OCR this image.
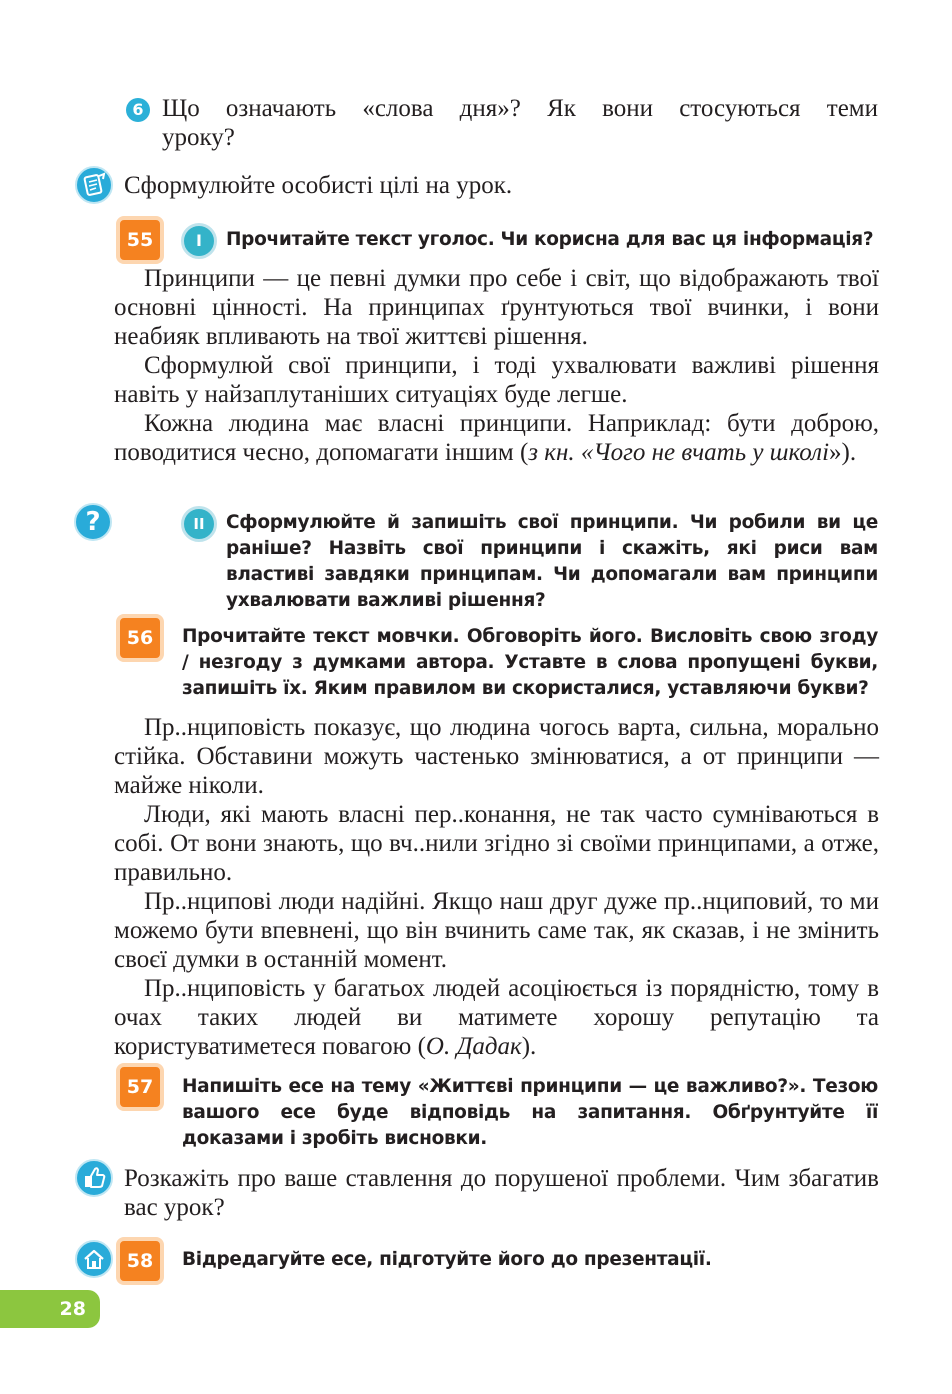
6 Що означають «слова дня»? Як вони стосуються теми
уроку?
Сформулюйте особисті цілі на урок.
55	I	Прочитайте текст уголос. Чи корисна для вас ця інформація?

Принципи — це певні думки про себе і світ, що відображають твої основні цінності. На принципах ґрунтуються твої вчинки, і вони неабияк впливають на твої життєві рішення.

Сформулюй свої принципи, і тоді ухвалювати важливі рішення навіть у найзаплутаніших ситуаціях буде легше.

Кожна людина має власні принципи. Наприклад: бути доброю, поводитися чесно, допомагати іншим (з кн. «Чого не вчать у школі»).

?	II	Сформулюйте й запишіть свої принципи. Чи робили ви це раніше? Назвіть свої принципи і скажіть, які риси вам властиві завдяки принципам. Чи допомагали вам принципи ухвалювати важливі рішення?
56	Прочитайте текст мовчки. Обговоріть його. Висловіть свою згоду / незгоду з думками автора. Уставте в слова пропущені букви, запишіть їх. Яким правилом ви скористалися, уставляючи букви?

Пр..нциповість показує, що людина чогось варта, сильна, морально стійка. Обставини можуть частенько змінюватися, а от принципи — майже ніколи.

Люди, які мають власні пер..конання, не так часто сумніваються в собі. От вони знають, що вч..нили згідно зі своїми принципами, а отже, правильно.

Пр..нципові люди надійні. Якщо наш друг дуже пр..нциповий, то ми можемо бути впевнені, що він вчинить саме так, як сказав, і не змінить своєї думки в останній момент.

Пр..нциповість у багатьох людей асоціюється із порядністю, тому в очах таких людей ви матимете хорошу репутацію та користуватиметеся повагою (О. Дадак).

57	Напишіть есе на тему «Життєві принципи — це важливо?». Тезою вашого есе буде відповідь на запитання. Обґрунтуйте її доказами і зробіть висновки.
Розкажіть про ваше ставлення до порушеної проблеми. Чим збагатив вас урок?
58	Відредагуйте есе, підготуйте його до презентації.
28
